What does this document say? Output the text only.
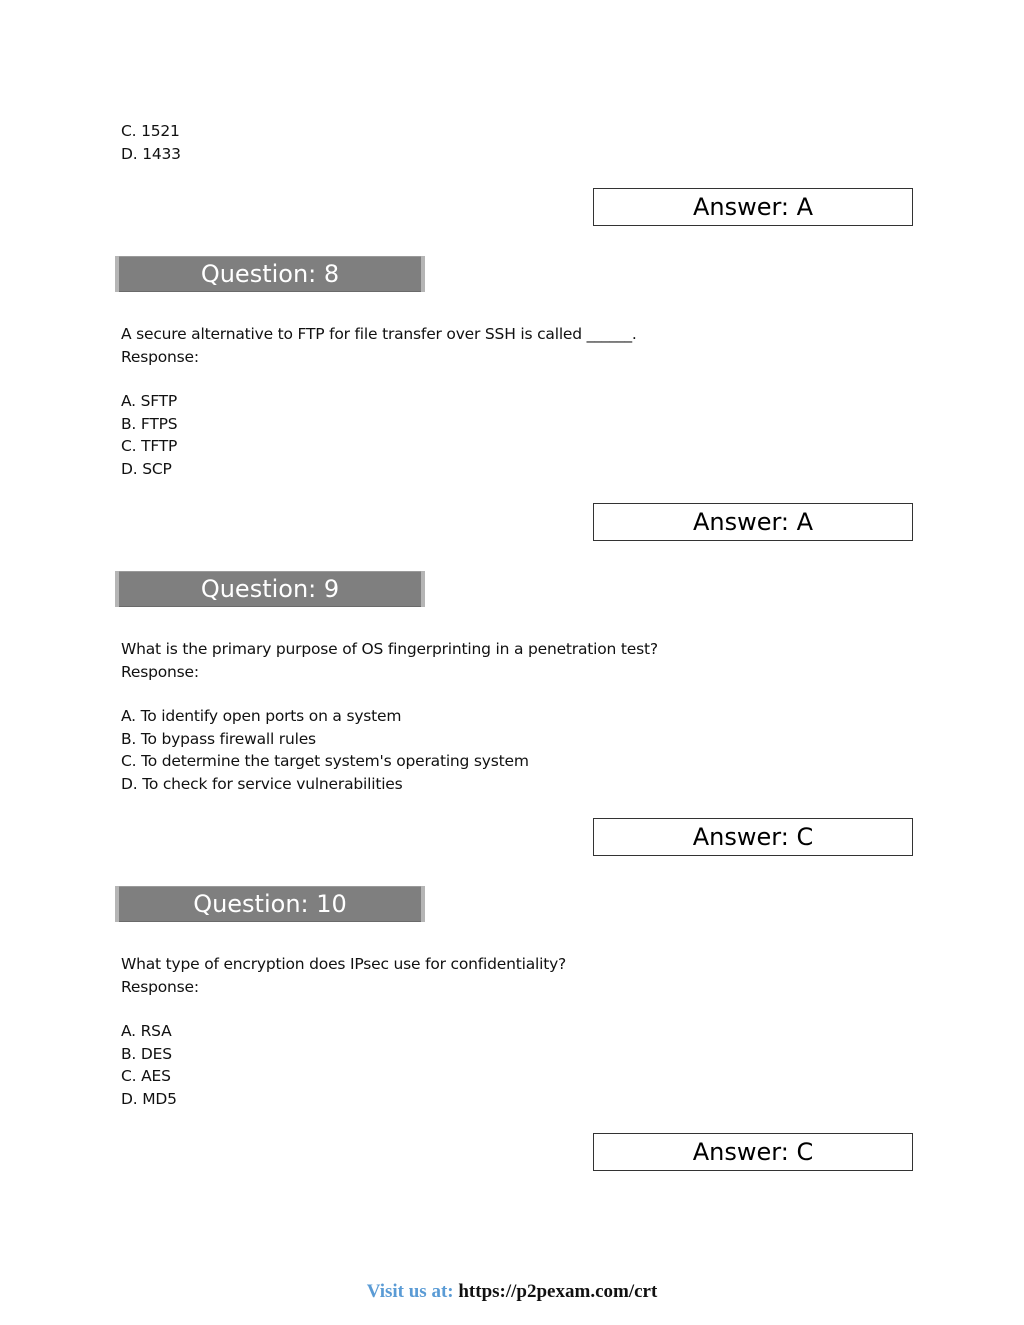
C. 1521
D. 1433
Answer: A
Question: 8
A secure alternative to FTP for file transfer over SSH is called ______.
Response:
A. SFTP
B. FTPS
C. TFTP
D. SCP
Answer: A
Question: 9
What is the primary purpose of OS fingerprinting in a penetration test?
Response:
A. To identify open ports on a system
B. To bypass firewall rules
C. To determine the target system's operating system
D. To check for service vulnerabilities
Answer: C
Question: 10
What type of encryption does IPsec use for confidentiality?
Response:
A. RSA
B. DES
C. AES
D. MD5
Answer: C
Visit us at: https://p2pexam.com/crt
